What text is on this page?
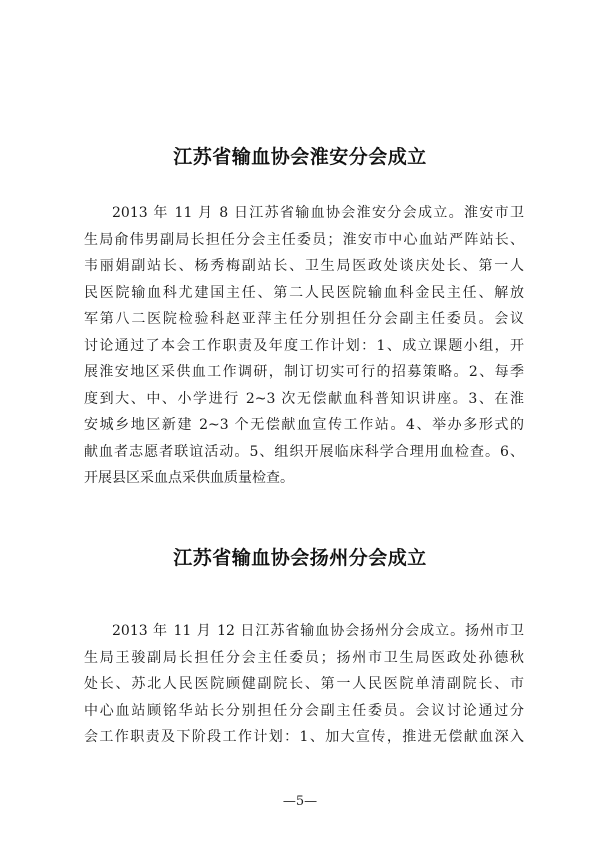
江苏省输血协会淮安分会成立
2013 年 11 月 8 日江苏省输血协会淮安分会成立。淮安市卫
生局俞伟男副局长担任分会主任委员；淮安市中心血站严阵站长、
韦丽娟副站长、杨秀梅副站长、卫生局医政处谈庆处长、第一人
民医院输血科尤建国主任、第二人民医院输血科金民主任、解放
军第八二医院检验科赵亚萍主任分别担任分会副主任委员。会议
讨论通过了本会工作职责及年度工作计划：1、成立课题小组，开
展淮安地区采供血工作调研，制订切实可行的招募策略。2、每季
度到大、中、小学进行 2~3 次无偿献血科普知识讲座。3、在淮
安城乡地区新建 2~3 个无偿献血宣传工作站。4、举办多形式的
献血者志愿者联谊活动。5、组织开展临床科学合理用血检查。6、
开展县区采血点采供血质量检查。
江苏省输血协会扬州分会成立
2013 年 11 月 12 日江苏省输血协会扬州分会成立。扬州市卫
生局王骏副局长担任分会主任委员；扬州市卫生局医政处孙德秋
处长、苏北人民医院顾健副院长、第一人民医院单清副院长、市
中心血站顾铭华站长分别担任分会副主任委员。会议讨论通过分
会工作职责及下阶段工作计划：1、加大宣传，推进无偿献血深入
—5—
